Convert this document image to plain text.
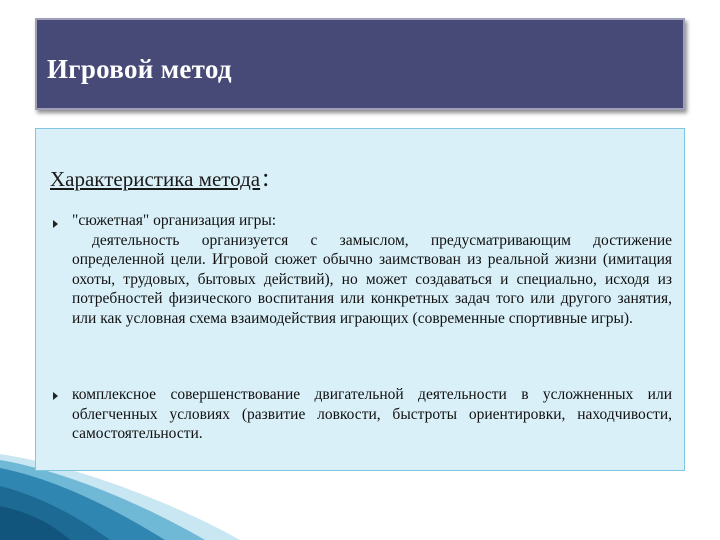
Игровой метод
Характеристика метода:
"сюжетная" организация игры:
деятельность организуется с замыслом, предусматривающим достижение определенной цели. Игровой сюжет обычно заимствован из реальной жизни (имитация охоты, трудовых, бытовых действий), но может создаваться и специально, исходя из потребностей физического воспитания или конкретных задач того или другого занятия, или как условная схема взаимодействия играющих (современные спортивные игры).
комплексное совершенствование двигательной деятельности в усложненных или облегченных условиях (развитие ловкости, быстроты ориентировки, находчивости, самостоятельности.
